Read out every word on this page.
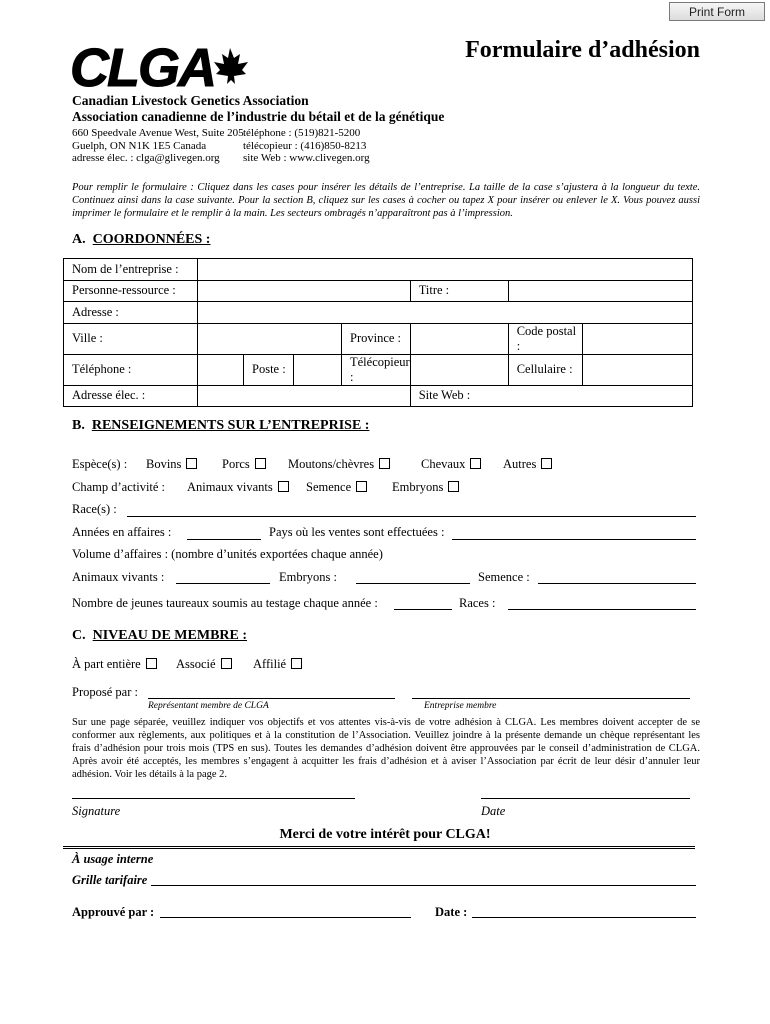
Print Form
CLGA	Formulaire d’adhésion
Canadian Livestock Genetics Association
Association canadienne de l’industrie du bétail et de la génétique
660 Speedvale Avenue West, Suite 205
Guelph, ON N1K 1E5 Canada
adresse élec. : clga@glivegen.org
téléphone : (519)821-5200
télécopieur : (416)850-8213
site Web : www.clivegen.org
Pour remplir le formulaire : Cliquez dans les cases pour insérer les détails de l’entreprise. La taille de la case s’ajustera à la longueur du texte. Continuez ainsi dans la case suivante. Pour la section B, cliquez sur les cases à cocher ou tapez X pour insérer ou enlever le X. Vous pouvez aussi imprimer le formulaire et le remplir à la main. Les secteurs ombragés n’apparaîtront pas à l’impression.
A. COORDONNÉES :
Nom de l’entreprise :							
Personne-ressource :					Titre :		
Adresse :							
Ville :				Province :		Code postal :	
Téléphone :		Poste :		Télécopieur :		Cellulaire :	
Adresse élec. :					Site Web :		
B. RENSEIGNEMENTS SUR L’ENTREPRISE :
Espèce(s) : Bovins	Porcs	Moutons/chèvres	Chevaux	Autres
Champ d’activité : Animaux vivants	Semence	Embryons
Race(s) :
Années en affaires :	Pays où les ventes sont effectuées :
Volume d’affaires : (nombre d’unités exportées chaque année)
Animaux vivants :	Embryons :	Semence :
Nombre de jeunes taureaux soumis au testage chaque année :	Races :
C. NIVEAU DE MEMBRE :
À part entière	Associé	Affilié
Proposé par :
Représentant membre de CLGA	Entreprise membre
Sur une page séparée, veuillez indiquer vos objectifs et vos attentes vis-à-vis de votre adhésion à CLGA. Les membres doivent accepter de se conformer aux règlements, aux politiques et à la constitution de l’Association. Veuillez joindre à la présente demande un chèque représentant les frais d’adhésion pour trois mois (TPS en sus). Toutes les demandes d’adhésion doivent être approuvées par le conseil d’administration de CLGA. Après avoir été acceptés, les membres s’engagent à acquitter les frais d’adhésion et à aviser l’Association par écrit de leur désir d’annuler leur adhésion. Voir les détails à la page 2.
Signature	Date
Merci de votre intérêt pour CLGA!
À usage interne
Grille tarifaire
Approuvé par :	Date :
